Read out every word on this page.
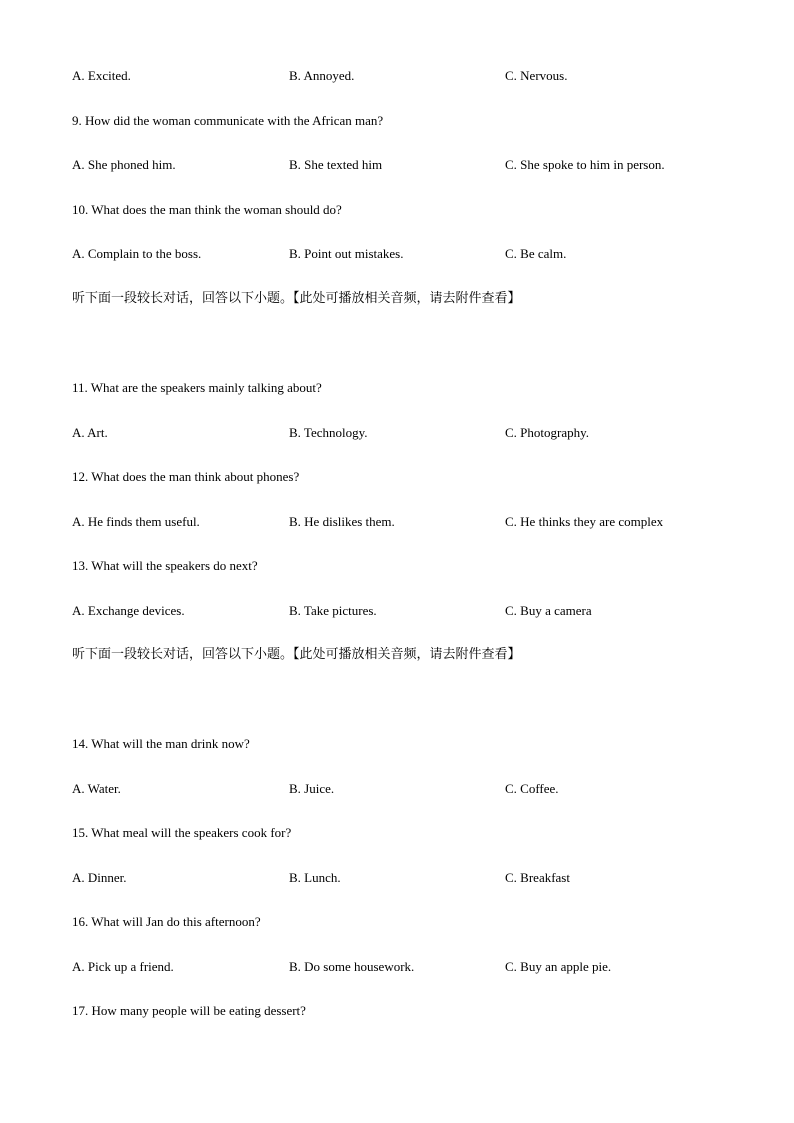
A. Excited.	B. Annoyed.	C. Nervous.
9. How did the woman communicate with the African man?
A. She phoned him.	B. She texted him	C. She spoke to him in person.
10. What does the man think the woman should do?
A. Complain to the boss.	B. Point out mistakes.	C. Be calm.
听下面一段较长对话，回答以下小题。【此处可播放相关音频，请去附件查看】
11. What are the speakers mainly talking about?
A. Art.	B. Technology.	C. Photography.
12. What does the man think about phones?
A. He finds them useful.	B. He dislikes them.	C. He thinks they are complex
13. What will the speakers do next?
A. Exchange devices.	B. Take pictures.	C. Buy a camera
听下面一段较长对话，回答以下小题。【此处可播放相关音频，请去附件查看】
14. What will the man drink now?
A. Water.	B. Juice.	C. Coffee.
15. What meal will the speakers cook for?
A. Dinner.	B. Lunch.	C. Breakfast
16. What will Jan do this afternoon?
A. Pick up a friend.	B. Do some housework.	C. Buy an apple pie.
17. How many people will be eating dessert?
